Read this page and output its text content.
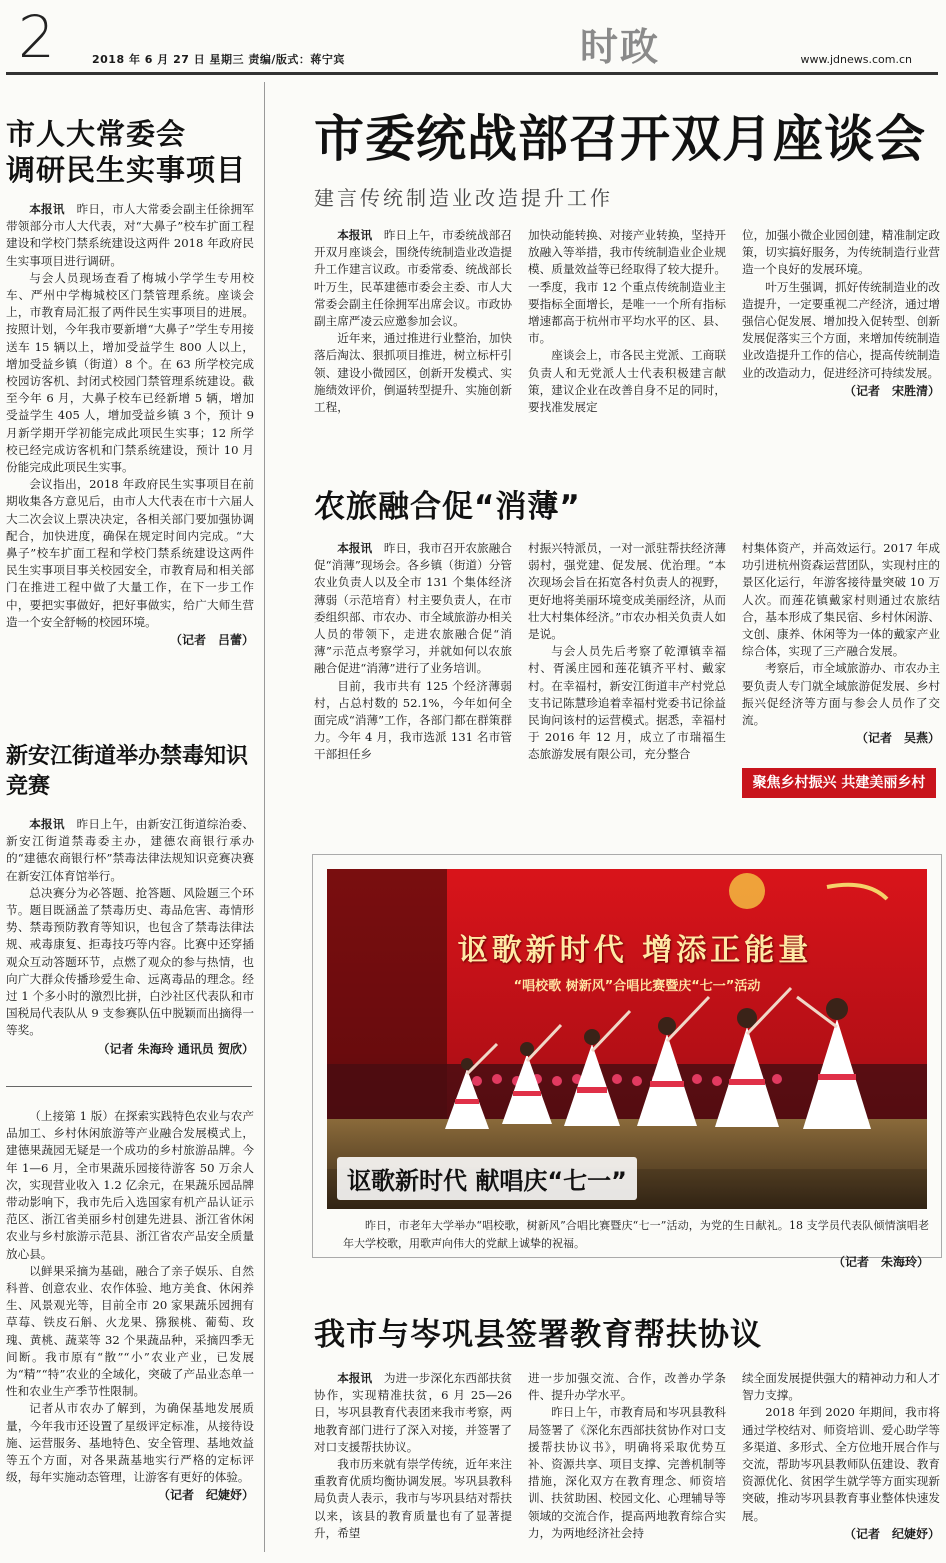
2	2018 年 6 月 27 日 星期三 责编/版式：蒋宁宾	时政	www.jdnews.com.cn
市人大常委会
调研民生实事项目

本报讯　 昨日，市人大常委会副主任徐拥军带领部分市人大代表，对“大鼻子”校车扩面工程建设和学校门禁系统建设这两件 2018 年政府民生实事项目进行调研。

与会人员现场查看了梅城小学学生专用校车、严州中学梅城校区门禁管理系统。座谈会上，市教育局汇报了两件民生实事项目的进展。按照计划，今年我市要新增“大鼻子”学生专用接送车 15 辆以上，增加受益学生 800 人以上，增加受益乡镇（街道）8 个。在 63 所学校完成校园访客机、封闭式校园门禁管理系统建设。截至今年 6 月，大鼻子校车已经新增 5 辆，增加受益学生 405 人，增加受益乡镇 3 个，预计 9 月新学期开学初能完成此项民生实事；12 所学校已经完成访客机和门禁系统建设，预计 10 月份能完成此项民生实事。

会议指出，2018 年政府民生实事项目在前期收集各方意见后，由市人大代表在市十六届人大二次会议上票决决定，各相关部门要加强协调配合，加快进度，确保在规定时间内完成。“大鼻子”校车扩面工程和学校门禁系统建设这两件民生实事项目事关校园安全，市教育局和相关部门在推进工程中做了大量工作，在下一步工作中，要把实事做好，把好事做实，给广大师生营造一个安全舒畅的校园环境。

（记者　吕蕾）
新安江街道举办禁毒知识竞赛

本报讯　 昨日上午，由新安江街道综治委、新安江街道禁毒委主办，建德农商银行承办的“建德农商银行杯”禁毒法律法规知识竞赛决赛在新安江体育馆举行。

总决赛分为必答题、抢答题、风险题三个环节。题目既涵盖了禁毒历史、毒品危害、毒情形势、禁毒预防教育等知识，也包含了禁毒法律法规、戒毒康复、拒毒技巧等内容。比赛中还穿插观众互动答题环节，点燃了观众的参与热情，也向广大群众传播珍爱生命、远离毒品的理念。经过 1 个多小时的激烈比拼，白沙社区代表队和市国税局代表队从 9 支参赛队伍中脱颖而出摘得一等奖。

（记者 朱海玲 通讯员 贺欣）

（上接第 1 版）在探索实践特色农业与农产品加工、乡村休闲旅游等产业融合发展模式上，建德果蔬园无疑是一个成功的乡村旅游品牌。今年 1—6 月，全市果蔬乐园接待游客 50 万余人次，实现营业收入 1.2 亿余元，在果蔬乐园品牌带动影响下，我市先后入选国家有机产品认证示范区、浙江省美丽乡村创建先进县、浙江省休闲农业与乡村旅游示范县、浙江省农产品安全质量放心县。

以鲜果采摘为基础，融合了亲子娱乐、自然科普、创意农业、农作体验、地方美食、休闲养生、风景观光等，目前全市 20 家果蔬乐园拥有草莓、铁皮石斛、火龙果、猕猴桃、葡萄、玫瑰、黄桃、蔬菜等 32 个果蔬品种，采摘四季无间断。我市原有“散”“小”农业产业，已发展为“精”“特”农业的全域化，突破了产品业态单一性和农业生产季节性限制。

记者从市农办了解到，为确保基地发展质量，今年我市还设置了星级评定标准，从接待设施、运营服务、基地特色、安全管理、基地效益等五个方面，对各果蔬基地实行严格的定标评级，每年实施动态管理，让游客有更好的体验。

（记者　纪婕妤）
市委统战部召开双月座谈会
建言传统制造业改造提升工作

本报讯　 昨日上午，市委统战部召开双月座谈会，围绕传统制造业改造提升工作建言议政。市委常委、统战部长叶万生，民革建德市委会主委、市人大常委会副主任徐拥军出席会议。市政协副主席严凌云应邀参加会议。

近年来，通过推进行业整治，加快落后淘汰、狠抓项目推进，树立标杆引领、建设小微园区，创新开发模式、实施绩效评价，倒逼转型提升、实施创新工程，

加快动能转换、对接产业转换，坚持开放融入等举措，我市传统制造业企业规模、质量效益等已经取得了较大提升。一季度，我市 12 个重点传统制造业主要指标全面增长，是唯一一个所有指标增速都高于杭州市平均水平的区、县、市。

座谈会上，市各民主党派、工商联负责人和无党派人士代表积极建言献策，建议企业在改善自身不足的同时，要找准发展定

位，加强小微企业园创建，精准制定政策，切实搞好服务，为传统制造行业营造一个良好的发展环境。

叶万生强调，抓好传统制造业的改造提升，一定要重视二产经济，通过增强信心促发展、增加投入促转型、创新发展促落实三个方面，来增加传统制造业改造提升工作的信心，提高传统制造业的改造动力，促进经济可持续发展。

（记者　宋胜清）
农旅融合促“消薄”

本报讯　 昨日，我市召开农旅融合促“消薄”现场会。各乡镇（街道）分管农业负责人以及全市 131 个集体经济薄弱（示范培育）村主要负责人，在市委组织部、市农办、市全域旅游办相关人员的带领下，走进农旅融合促“消薄”示范点考察学习，并就如何以农旅融合促进“消薄”进行了业务培训。

目前，我市共有 125 个经济薄弱村，占总村数的 52.1%，今年如何全面完成“消薄”工作，各部门都在群策群力。今年 4 月，我市选派 131 名市管干部担任乡

村振兴特派员，一对一派驻帮扶经济薄弱村，强党建、促发展、优治理。“本次现场会旨在拓宽各村负责人的视野，更好地将美丽环境变成美丽经济，从而壮大村集体经济。”市农办相关负责人如是说。

与会人员先后考察了乾潭镇幸福村、胥溪庄园和莲花镇齐平村、戴家村。在幸福村，新安江街道丰产村党总支书记陈慧珍追着幸福村党委书记徐益民询问该村的运营模式。据悉，幸福村于 2016 年 12 月，成立了市瑞福生态旅游发展有限公司，充分整合

村集体资产，并高效运行。2017 年成功引进杭州资森运营团队，实现村庄的景区化运行，年游客接待量突破 10 万人次。而莲花镇戴家村则通过农旅结合，基本形成了集民宿、乡村休闲游、文创、康养、休闲等为一体的戴家产业综合体，实现了三产融合发展。

考察后，市全域旅游办、市农办主要负责人专门就全域旅游促发展、乡村振兴促经济等方面与参会人员作了交流。

（记者　吴燕）
聚焦乡村振兴 共建美丽乡村
讴歌新时代 增添正能量
“唱校歌 树新风”合唱比赛暨庆“七一”活动
讴歌新时代 献唱庆“七一”

昨日，市老年大学举办“唱校歌，树新风”合唱比赛暨庆“七一”活动，为党的生日献礼。18 支学员代表队倾情演唱老年大学校歌，用歌声向伟大的党献上诚挚的祝福。

（记者　朱海玲）
我市与岑巩县签署教育帮扶协议

本报讯　 为进一步深化东西部扶贫协作，实现精准扶贫，6 月 25—26 日，岑巩县教育代表团来我市考察，两地教育部门进行了深入对接，并签署了对口支援帮扶协议。

我市历来就有崇学传统，近年来注重教育优质均衡协调发展。岑巩县教科局负责人表示，我市与岑巩县结对帮扶以来，该县的教育质量也有了显著提升，希望

进一步加强交流、合作，改善办学条件、提升办学水平。

昨日上午，市教育局和岑巩县教科局签署了《深化东西部扶贫协作对口支援帮扶协议书》，明确将采取优势互补、资源共享、项目支撑、完善机制等措施，深化双方在教育理念、师资培训、扶贫助困、校园文化、心理辅导等领域的交流合作，提高两地教育综合实力，为两地经济社会持

续全面发展提供强大的精神动力和人才智力支撑。

2018 年到 2020 年期间，我市将通过学校结对、师资培训、爱心助学等多渠道、多形式、全方位地开展合作与交流，帮助岑巩县教师队伍建设、教育资源优化、贫困学生就学等方面实现新突破，推动岑巩县教育事业整体快速发展。

（记者　纪婕妤）
